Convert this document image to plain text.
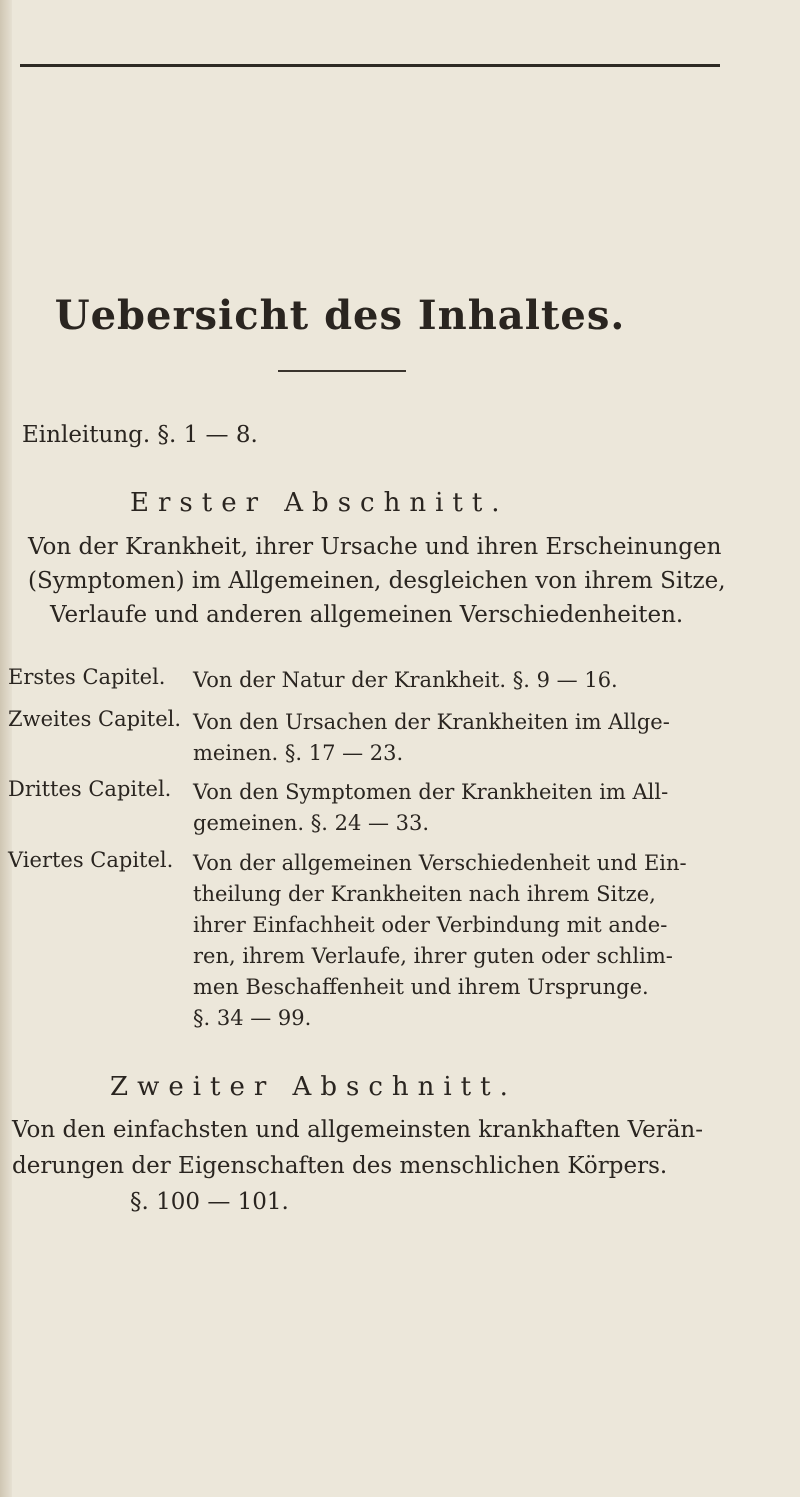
Uebersicht des Inhaltes.
Einleitung. §. 1 — 8.
Erster Abschnitt.
Von der Krankheit, ihrer Ursache und ihren Erscheinungen
(Symptomen) im Allgemeinen, desgleichen von ihrem Sitze,
Verlaufe und anderen allgemeinen Verschiedenheiten.
Erstes Capitel. Von der Natur der Krankheit. §. 9 — 16.
Zweites Capitel. Von den Ursachen der Krankheiten im Allge-
meinen. §. 17 — 23.
Drittes Capitel. Von den Symptomen der Krankheiten im All-
gemeinen. §. 24 — 33.
Viertes Capitel. Von der allgemeinen Verschiedenheit und Ein-
theilung der Krankheiten nach ihrem Sitze,
ihrer Einfachheit oder Verbindung mit ande-
ren, ihrem Verlaufe, ihrer guten oder schlim-
men Beschaffenheit und ihrem Ursprunge.
§. 34 — 99.
Zweiter Abschnitt.
Von den einfachsten und allgemeinsten krankhaften Verän-
derungen der Eigenschaften des menschlichen Körpers.
§. 100 — 101.
